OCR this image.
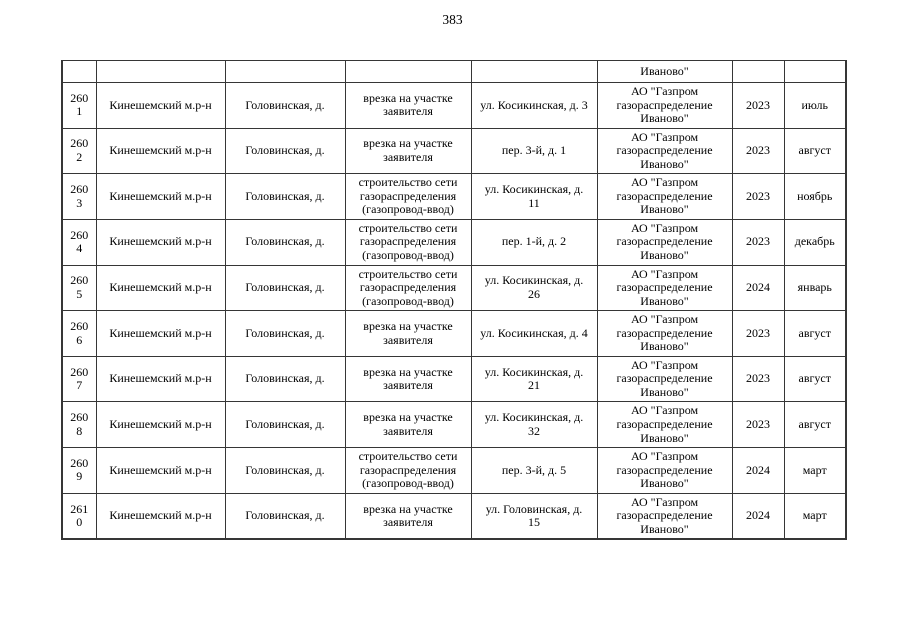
383
					Иваново"		
2601	Кинешемский м.р-н	Головинская, д.	врезка на участке заявителя	ул. Косикинская, д. 3	АО "Газпром газораспределение Иваново"	2023	июль
2602	Кинешемский м.р-н	Головинская, д.	врезка на участке заявителя	пер. 3-й, д. 1	АО "Газпром газораспределение Иваново"	2023	август
2603	Кинешемский м.р-н	Головинская, д.	строительство сети газораспределения (газопровод-ввод)	ул. Косикинская, д. 11	АО "Газпром газораспределение Иваново"	2023	ноябрь
2604	Кинешемский м.р-н	Головинская, д.	строительство сети газораспределения (газопровод-ввод)	пер. 1-й, д. 2	АО "Газпром газораспределение Иваново"	2023	декабрь
2605	Кинешемский м.р-н	Головинская, д.	строительство сети газораспределения (газопровод-ввод)	ул. Косикинская, д. 26	АО "Газпром газораспределение Иваново"	2024	январь
2606	Кинешемский м.р-н	Головинская, д.	врезка на участке заявителя	ул. Косикинская, д. 4	АО "Газпром газораспределение Иваново"	2023	август
2607	Кинешемский м.р-н	Головинская, д.	врезка на участке заявителя	ул. Косикинская, д. 21	АО "Газпром газораспределение Иваново"	2023	август
2608	Кинешемский м.р-н	Головинская, д.	врезка на участке заявителя	ул. Косикинская, д. 32	АО "Газпром газораспределение Иваново"	2023	август
2609	Кинешемский м.р-н	Головинская, д.	строительство сети газораспределения (газопровод-ввод)	пер. 3-й, д. 5	АО "Газпром газораспределение Иваново"	2024	март
2610	Кинешемский м.р-н	Головинская, д.	врезка на участке заявителя	ул. Головинская, д. 15	АО "Газпром газораспределение Иваново"	2024	март
